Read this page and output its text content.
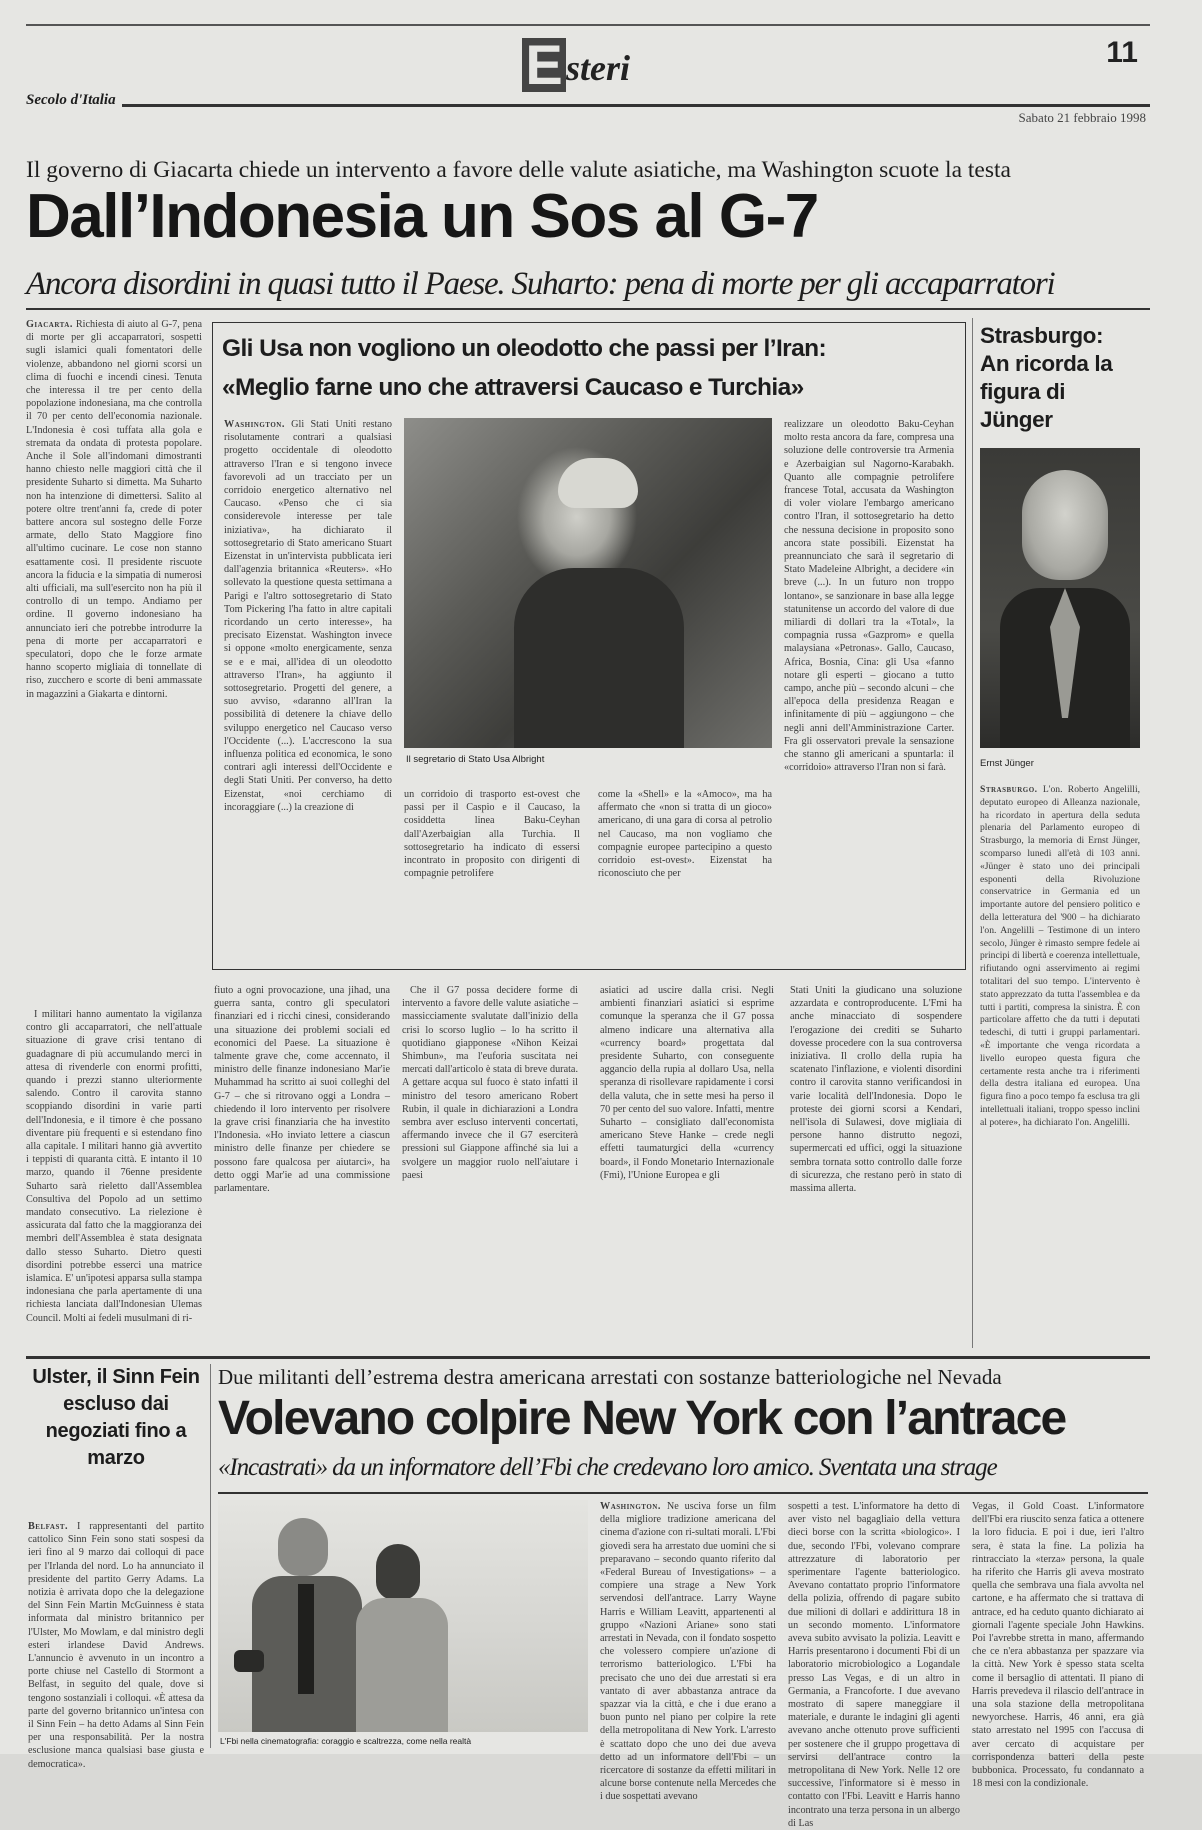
E steri	11
Secolo d'Italia
Sabato 21 febbraio 1998
Il governo di Giacarta chiede un intervento a favore delle valute asiatiche, ma Washington scuote la testa
Dall’Indonesia un Sos al G-7
Ancora disordini in quasi tutto il Paese. Suharto: pena di morte per gli accaparratori

Giacarta. Richiesta di aiuto al G-7, pena di morte per gli accaparratori, sospetti sugli islamici quali fomentatori delle violenze, abbandono nel giorni scorsi un clima di fuochi e incendi cinesi. Tenuta che interessa il tre per cento della popolazione indonesiana, ma che controlla il 70 per cento dell'economia nazionale. L'Indonesia è così tuffata alla gola e stremata da ondata di protesta popolare. Anche il Sole all'indomani dimostranti hanno chiesto nelle maggiori città che il presidente Suharto si dimetta. Ma Suharto non ha intenzione di dimettersi. Salito al potere oltre trent'anni fa, crede di poter battere ancora sul sostegno delle Forze armate, dello Stato Maggiore fino all'ultimo cucinare. Le cose non stanno esattamente così. Il presidente riscuote ancora la fiducia e la simpatia di numerosi alti ufficiali, ma sull'esercito non ha più il controllo di un tempo. Andiamo per ordine. Il governo indonesiano ha annunciato ieri che potrebbe introdurre la pena di morte per accaparratori e speculatori, dopo che le forze armate hanno scoperto migliaia di tonnellate di riso, zucchero e scorte di beni ammassate in magazzini a Giakarta e dintorni.

I militari hanno aumentato la vigilanza contro gli accaparratori, che nell'attuale situazione di grave crisi tentano di guadagnare di più accumulando merci in attesa di rivenderle con enormi profitti, quando i prezzi stanno ulteriormente salendo. Contro il carovita stanno scoppiando disordini in varie parti dell'Indonesia, e il timore è che possano diventare più frequenti e si estendano fino alla capitale. I militari hanno già avvertito i teppisti di quaranta città. E intanto il 10 marzo, quando il 76enne presidente Suharto sarà rieletto dall'Assemblea Consultiva del Popolo ad un settimo mandato consecutivo. La rielezione è assicurata dal fatto che la maggioranza dei membri dell'Assemblea è stata designata dallo stesso Suharto. Dietro questi disordini potrebbe esserci una matrice islamica. E' un'ipotesi apparsa sulla stampa indonesiana che parla apertamente di una richiesta lanciata dall'Indonesian Ulemas Council. Molti ai fedeli musulmani di ri-

Gli Usa non vogliono un oleodotto che passi per l’Iran:
«Meglio farne uno che attraversi Caucaso e Turchia»

Washington. Gli Stati Uniti restano risolutamente contrari a qualsiasi progetto occidentale di oleodotto attraverso l'Iran e si tengono invece favorevoli ad un tracciato per un corridoio energetico alternativo nel Caucaso. «Penso che ci sia considerevole interesse per tale iniziativa», ha dichiarato il sottosegretario di Stato americano Stuart Eizenstat in un'intervista pubblicata ieri dall'agenzia britannica «Reuters». «Ho sollevato la questione questa settimana a Parigi e l'altro sottosegretario di Stato Tom Pickering l'ha fatto in altre capitali ricordando un certo interesse», ha precisato Eizenstat. Washington invece si oppone «molto energicamente, senza se e e mai, all'idea di un oleodotto attraverso l'Iran», ha aggiunto il sottosegretario. Progetti del genere, a suo avviso, «daranno all'Iran la possibilità di detenere la chiave dello sviluppo energetico nel Caucaso verso l'Occidente (...). L'accrescono la sua influenza politica ed economica, le sono contrari agli interessi dell'Occidente e degli Stati Uniti. Per converso, ha detto Eizenstat, «noi cerchiamo di incoraggiare (...) la creazione di

Il segretario di Stato Usa Albright

un corridoio di trasporto est-ovest che passi per il Caspio e il Caucaso, la cosiddetta linea Baku-Ceyhan dall'Azerbaigian alla Turchia. Il sottosegretario ha indicato di essersi incontrato in proposito con dirigenti di compagnie petrolifere

come la «Shell» e la «Amoco», ma ha affermato che «non si tratta di un gioco» americano, di una gara di corsa al petrolio nel Caucaso, ma non vogliamo che compagnie europee partecipino a questo corridoio est-ovest». Eizenstat ha riconosciuto che per

realizzare un oleodotto Baku-Ceyhan molto resta ancora da fare, compresa una soluzione delle controversie tra Armenia e Azerbaigian sul Nagorno-Karabakh. Quanto alle compagnie petrolifere francese Total, accusata da Washington di voler violare l'embargo americano contro l'Iran, il sottosegretario ha detto che nessuna decisione in proposito sono ancora state possibili. Eizenstat ha preannunciato che sarà il segretario di Stato Madeleine Albright, a decidere «in breve (...). In un futuro non troppo lontano», se sanzionare in base alla legge statunitense un accordo del valore di due miliardi di dollari tra la «Total», la compagnia russa «Gazprom» e quella malaysiana «Petronas». Gallo, Caucaso, Africa, Bosnia, Cina: gli Usa «fanno notare gli esperti – giocano a tutto campo, anche più – secondo alcuni – che all'epoca della presidenza Reagan e infinitamente di più – aggiungono – che negli anni dell'Amministrazione Carter. Fra gli osservatori prevale la sensazione che stanno gli americani a spuntarla: il «corridoio» attraverso l'Iran non si farà.

fiuto a ogni provocazione, una jihad, una guerra santa, contro gli speculatori finanziari ed i ricchi cinesi, considerando una situazione dei problemi sociali ed economici del Paese. La situazione è talmente grave che, come accennato, il ministro delle finanze indonesiano Mar'ie Muhammad ha scritto ai suoi colleghi del G-7 – che si ritrovano oggi a Londra – chiedendo il loro intervento per risolvere la grave crisi finanziaria che ha investito l'Indonesia. «Ho inviato lettere a ciascun ministro delle finanze per chiedere se possono fare qualcosa per aiutarci», ha detto oggi Mar'ie ad una commissione parlamentare.

Che il G7 possa decidere forme di intervento a favore delle valute asiatiche – massicciamente svalutate dall'inizio della crisi lo scorso luglio – lo ha scritto il quotidiano giapponese «Nihon Keizai Shimbun», ma l'euforia suscitata nei mercati dall'articolo è stata di breve durata. A gettare acqua sul fuoco è stato infatti il ministro del tesoro americano Robert Rubin, il quale in dichiarazioni a Londra sembra aver escluso interventi concertati, affermando invece che il G7 eserciterà pressioni sul Giappone affinché sia lui a svolgere un maggior ruolo nell'aiutare i paesi

asiatici ad uscire dalla crisi. Negli ambienti finanziari asiatici si esprime comunque la speranza che il G7 possa almeno indicare una alternativa alla «currency board» progettata dal presidente Suharto, con conseguente aggancio della rupia al dollaro Usa, nella speranza di risollevare rapidamente i corsi della valuta, che in sette mesi ha perso il 70 per cento del suo valore. Infatti, mentre Suharto – consigliato dall'economista americano Steve Hanke – crede negli effetti taumaturgici della «currency board», il Fondo Monetario Internazionale (Fmi), l'Unione Europea e gli

Stati Uniti la giudicano una soluzione azzardata e controproducente. L'Fmi ha anche minacciato di sospendere l'erogazione dei crediti se Suharto dovesse procedere con la sua controversa iniziativa. Il crollo della rupia ha scatenato l'inflazione, e violenti disordini contro il carovita stanno verificandosi in varie località dell'Indonesia. Dopo le proteste dei giorni scorsi a Kendari, nell'isola di Sulawesi, dove migliaia di persone hanno distrutto negozi, supermercati ed uffici, oggi la situazione sembra tornata sotto controllo dalle forze di sicurezza, che restano però in stato di massima allerta.

Strasburgo: An ricorda la figura di Jünger
Ernst Jünger

Strasburgo. L'on. Roberto Angelilli, deputato europeo di Alleanza nazionale, ha ricordato in apertura della seduta plenaria del Parlamento europeo di Strasburgo, la memoria di Ernst Jünger, scomparso lunedì all'età di 103 anni. «Jünger è stato uno dei principali esponenti della Rivoluzione conservatrice in Germania ed un importante autore del pensiero politico e della letteratura del '900 – ha dichiarato l'on. Angelilli – Testimone di un intero secolo, Jünger è rimasto sempre fedele ai principi di libertà e coerenza intellettuale, rifiutando ogni asservimento ai regimi totalitari del suo tempo. L'intervento è stato apprezzato da tutta l'assemblea e da tutti i partiti, compresa la sinistra. È con particolare affetto che da tutti i deputati tedeschi, di tutti i gruppi parlamentari. «È importante che venga ricordata a livello europeo questa figura che certamente resta anche tra i riferimenti della destra italiana ed europea. Una figura fino a poco tempo fa esclusa tra gli intellettuali italiani, troppo spesso inclini al potere», ha dichiarato l'on. Angelilli.

Ulster, il Sinn Fein escluso dai negoziati fino a marzo

Belfast. I rappresentanti del partito cattolico Sinn Fein sono stati sospesi da ieri fino al 9 marzo dai colloqui di pace per l'Irlanda del nord. Lo ha annunciato il presidente del partito Gerry Adams. La notizia è arrivata dopo che la delegazione del Sinn Fein Martin McGuinness è stata informata dal ministro britannico per l'Ulster, Mo Mowlam, e dal ministro degli esteri irlandese David Andrews. L'annuncio è avvenuto in un incontro a porte chiuse nel Castello di Stormont a Belfast, in seguito del quale, dove si tengono sostanziali i colloqui. «È attesa da parte del governo britannico un'intesa con il Sinn Fein – ha detto Adams al Sinn Fein per una responsabilità. Per la nostra esclusione manca qualsiasi base giusta e democratica».

Due militanti dell’estrema destra americana arrestati con sostanze batteriologiche nel Nevada
Volevano colpire New York con l’antrace
«Incastrati» da un informatore dell’Fbi che credevano loro amico. Sventata una strage
L'Fbi nella cinematografia: coraggio e scaltrezza, come nella realtà

Washington. Ne usciva forse un film della migliore tradizione americana del cinema d'azione con ri-sultati morali. L'Fbi giovedì sera ha arrestato due uomini che si preparavano – secondo quanto riferito dal «Federal Bureau of Investigations» – a compiere una strage a New York servendosi dell'antrace. Larry Wayne Harris e William Leavitt, appartenenti al gruppo «Nazioni Ariane» sono stati arrestati in Nevada, con il fondato sospetto che volessero compiere un'azione di terrorismo batteriologico. L'Fbi ha precisato che uno dei due arrestati si era vantato di aver abbastanza antrace da spazzar via la città, e che i due erano a buon punto nel piano per colpire la rete della metropolitana di New York. L'arresto è scattato dopo che uno dei due aveva detto ad un informatore dell'Fbi – un ricercatore di sostanze da effetti militari in alcune borse contenute nella Mercedes che i due sospettati avevano

sospetti a test. L'informatore ha detto di aver visto nel bagagliaio della vettura dieci borse con la scritta «biologico». I due, secondo l'Fbi, volevano comprare attrezzature di laboratorio per sperimentare l'agente batteriologico. Avevano contattato proprio l'informatore della polizia, offrendo di pagare subito due milioni di dollari e addirittura 18 in un secondo momento. L'informatore aveva subito avvisato la polizia. Leavitt e Harris presentarono i documenti Fbi di un laboratorio microbiologico a Logandale presso Las Vegas, e di un altro in Germania, a Francoforte. I due avevano mostrato di sapere maneggiare il materiale, e durante le indagini gli agenti avevano anche ottenuto prove sufficienti per sostenere che il gruppo progettava di servirsi dell'antrace contro la metropolitana di New York. Nelle 12 ore successive, l'informatore si è messo in contatto con l'Fbi. Leavitt e Harris hanno incontrato una terza persona in un albergo di Las

Vegas, il Gold Coast. L'informatore dell'Fbi era riuscito senza fatica a ottenere la loro fiducia. E poi i due, ieri l'altro sera, è stata la fine. La polizia ha rintracciato la «terza» persona, la quale ha riferito che Harris gli aveva mostrato quella che sembrava una fiala avvolta nel cartone, e ha affermato che si trattava di antrace, ed ha ceduto quanto dichiarato ai giornali l'agente speciale John Hawkins. Poi l'avrebbe stretta in mano, affermando che ce n'era abbastanza per spazzare via la città. New York è spesso stata scelta come il bersaglio di attentati. Il piano di Harris prevedeva il rilascio dell'antrace in una sola stazione della metropolitana newyorchese. Harris, 46 anni, era già stato arrestato nel 1995 con l'accusa di aver cercato di acquistare per corrispondenza batteri della peste bubbonica. Processato, fu condannato a 18 mesi con la condizionale.
